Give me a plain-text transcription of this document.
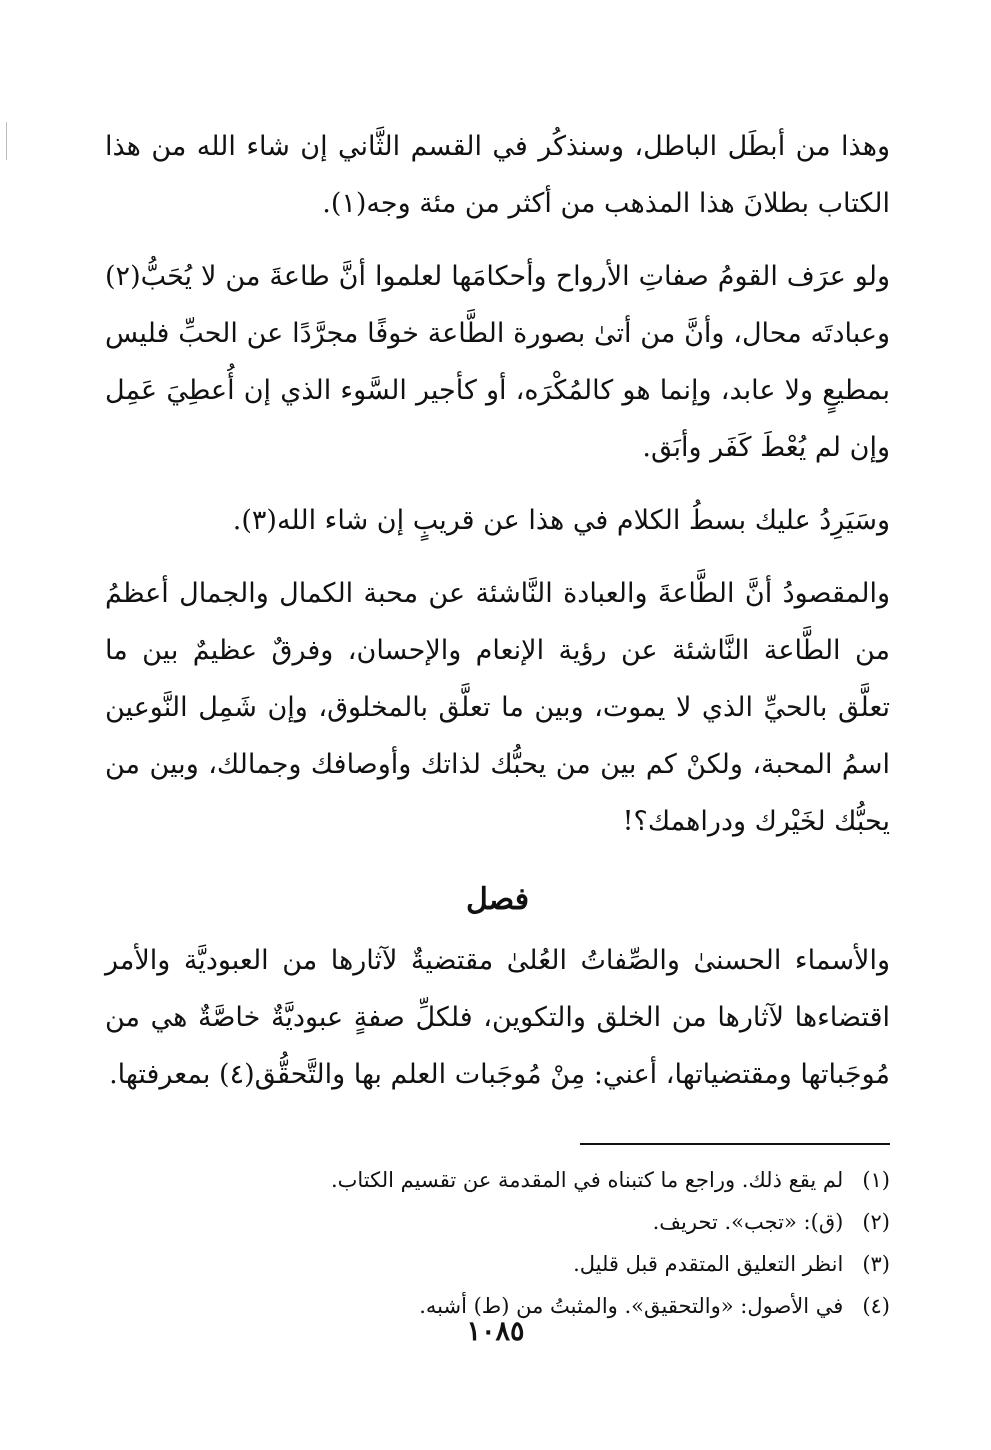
وهذا من أبطَل الباطل، وسنذكُر في القسم الثَّاني إن شاء الله من هذا الكتاب بطلانَ هذا المذهب من أكثر من مئة وجه(١).

ولو عرَف القومُ صفاتِ الأرواح وأحكامَها لعلموا أنَّ طاعةَ من لا يُحَبُّ(٢) وعبادتَه محال، وأنَّ من أتىٰ بصورة الطَّاعة خوفًا مجرَّدًا عن الحبِّ فليس بمطيعٍ ولا عابد، وإنما هو كالمُكْرَه، أو كأجير السَّوء الذي إن أُعطِيَ عَمِل وإن لم يُعْطَ كَفَر وأبَق.

وسَيَرِدُ عليك بسطُ الكلام في هذا عن قريبٍ إن شاء الله(٣).

والمقصودُ أنَّ الطَّاعةَ والعبادة النَّاشئة عن محبة الكمال والجمال أعظمُ من الطَّاعة النَّاشئة عن رؤية الإنعام والإحسان، وفرقٌ عظيمٌ بين ما تعلَّق بالحيِّ الذي لا يموت، وبين ما تعلَّق بالمخلوق، وإن شَمِل النَّوعين اسمُ المحبة، ولكنْ كم بين من يحبُّك لذاتك وأوصافك وجمالك، وبين من يحبُّك لخَيْرك ودراهمك؟!

فصل

والأسماء الحسنىٰ والصِّفاتُ العُلىٰ مقتضيةٌ لآثارها من العبوديَّة والأمر اقتضاءها لآثارها من الخلق والتكوين، فلكلِّ صفةٍ عبوديَّةٌ خاصَّةٌ هي من مُوجَباتها ومقتضياتها، أعني: مِنْ مُوجَبات العلم بها والتَّحقُّق(٤) بمعرفتها.

(١) لم يقع ذلك. وراجع ما كتبناه في المقدمة عن تقسيم الكتاب.
(٢) (ق): «تجب». تحريف.
(٣) انظر التعليق المتقدم قبل قليل.
(٤) في الأصول: «والتحقيق». والمثبتُ من (ط) أشبه.
١٠٨٥
